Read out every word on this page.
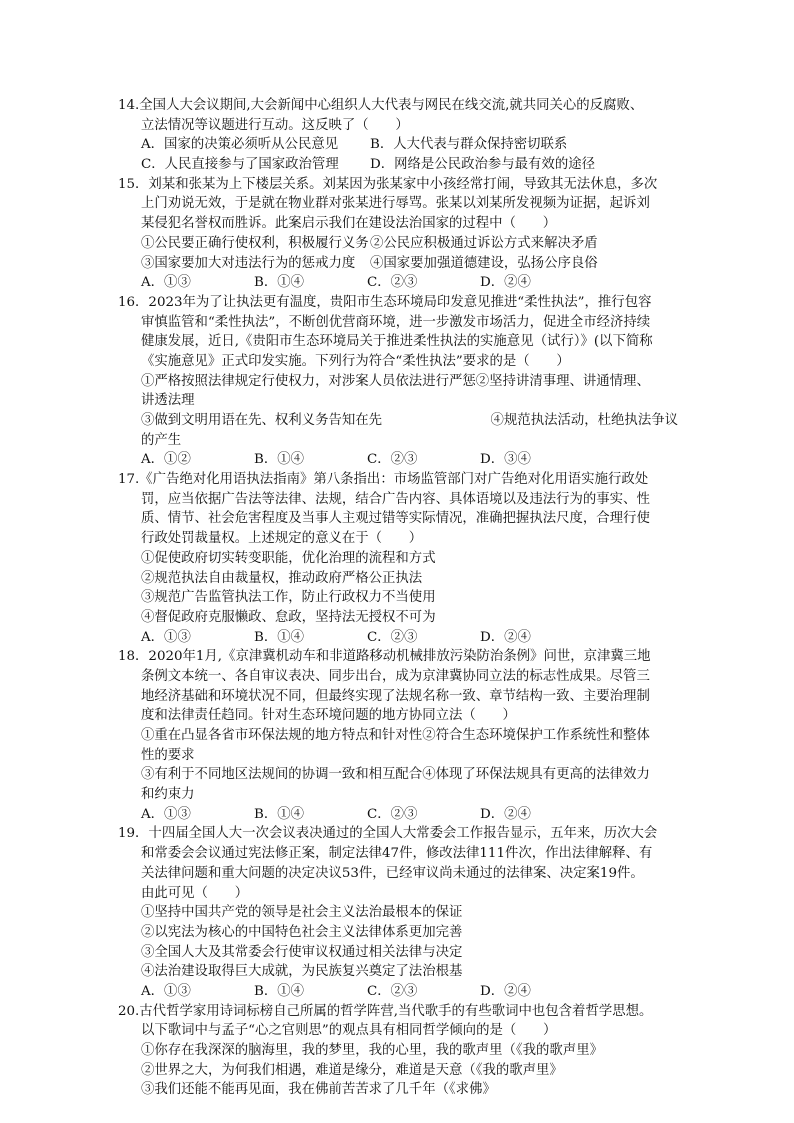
14.全国人大会议期间,大会新闻中心组织人大代表与网民在线交流,就共同关心的反腐败、
立法情况等议题进行互动。这反映了（　　）
A．国家的决策必须听从公民意见	B．人大代表与群众保持密切联系
C．人民直接参与了国家政治管理	D．网络是公民政治参与最有效的途径
15．刘某和张某为上下楼层关系。刘某因为张某家中小孩经常打闹，导致其无法休息，多次
上门劝说无效，于是就在物业群对张某进行辱骂。张某以刘某所发视频为证据，起诉刘
某侵犯名誉权而胜诉。此案启示我们在建设法治国家的过程中（　　）
①公民要正确行使权利，积极履行义务 ②公民应积极通过诉讼方式来解决矛盾
③国家要加大对违法行为的惩戒力度	④国家要加强道德建设，弘扬公序良俗
A．①③	B．①④	C．②③	D．②④
16．2023年为了让执法更有温度，贵阳市生态环境局印发意见推进“柔性执法”，推行包容
审慎监管和“柔性执法”，不断创优营商环境，进一步激发市场活力，促进全市经济持续
健康发展，近日,《贵阳市生态环境局关于推进柔性执法的实施意见（试行）》(以下简称
《实施意见》正式印发实施。下列行为符合“柔性执法”要求的是（　　）
①严格按照法律规定行使权力，对涉案人员依法进行严惩②坚持讲清事理、讲通情理、
讲透法理
③做到文明用语在先、权利义务告知在先	④规范执法活动，杜绝执法争议
的产生
A．①②	B．①④	C．②③	D．③④
17.《广告绝对化用语执法指南》第八条指出：市场监管部门对广告绝对化用语实施行政处
罚，应当依据广告法等法律、法规，结合广告内容、具体语境以及违法行为的事实、性
质、情节、社会危害程度及当事人主观过错等实际情况，准确把握执法尺度，合理行使
行政处罚裁量权。上述规定的意义在于（　　）
①促使政府切实转变职能，优化治理的流程和方式
②规范执法自由裁量权，推动政府严格公正执法
③规范广告监管执法工作，防止行政权力不当使用
④督促政府克服懒政、怠政，坚持法无授权不可为
A．①③	B．①④	C．②③	D．②④
18．2020年1月,《京津冀机动车和非道路移动机械排放污染防治条例》问世，京津冀三地
条例文本统一、各自审议表决、同步出台，成为京津冀协同立法的标志性成果。尽管三
地经济基础和环境状况不同，但最终实现了法规名称一致、章节结构一致、主要治理制
度和法律责任趋同。针对生态环境问题的地方协同立法（　　）
①重在凸显各省市环保法规的地方特点和针对性②符合生态环境保护工作系统性和整体
性的要求
③有利于不同地区法规间的协调一致和相互配合④体现了环保法规具有更高的法律效力
和约束力
A．①③	B．①④	C．②③	D．②④
19．十四届全国人大一次会议表决通过的全国人大常委会工作报告显示，五年来，历次大会
和常委会会议通过宪法修正案，制定法律47件，修改法律111件次，作出法律解释、有
关法律问题和重大问题的决定决议53件，已经审议尚未通过的法律案、决定案19件。
由此可见（　　）
①坚持中国共产党的领导是社会主义法治最根本的保证
②以宪法为核心的中国特色社会主义法律体系更加完善
③全国人大及其常委会行使审议权通过相关法律与决定
④法治建设取得巨大成就，为民族复兴奠定了法治根基
A．①③	B．①④	C．②③	D．②④
20.古代哲学家用诗词标榜自己所属的哲学阵营,当代歌手的有些歌词中也包含着哲学思想。
以下歌词中与孟子“心之官则思”的观点具有相同哲学倾向的是（　　）
①你存在我深深的脑海里，我的梦里，我的心里，我的歌声里（《我的歌声里》
②世界之大，为何我们相遇，难道是缘分，难道是天意（《我的歌声里》
③我们还能不能再见面，我在佛前苦苦求了几千年（《求佛》
